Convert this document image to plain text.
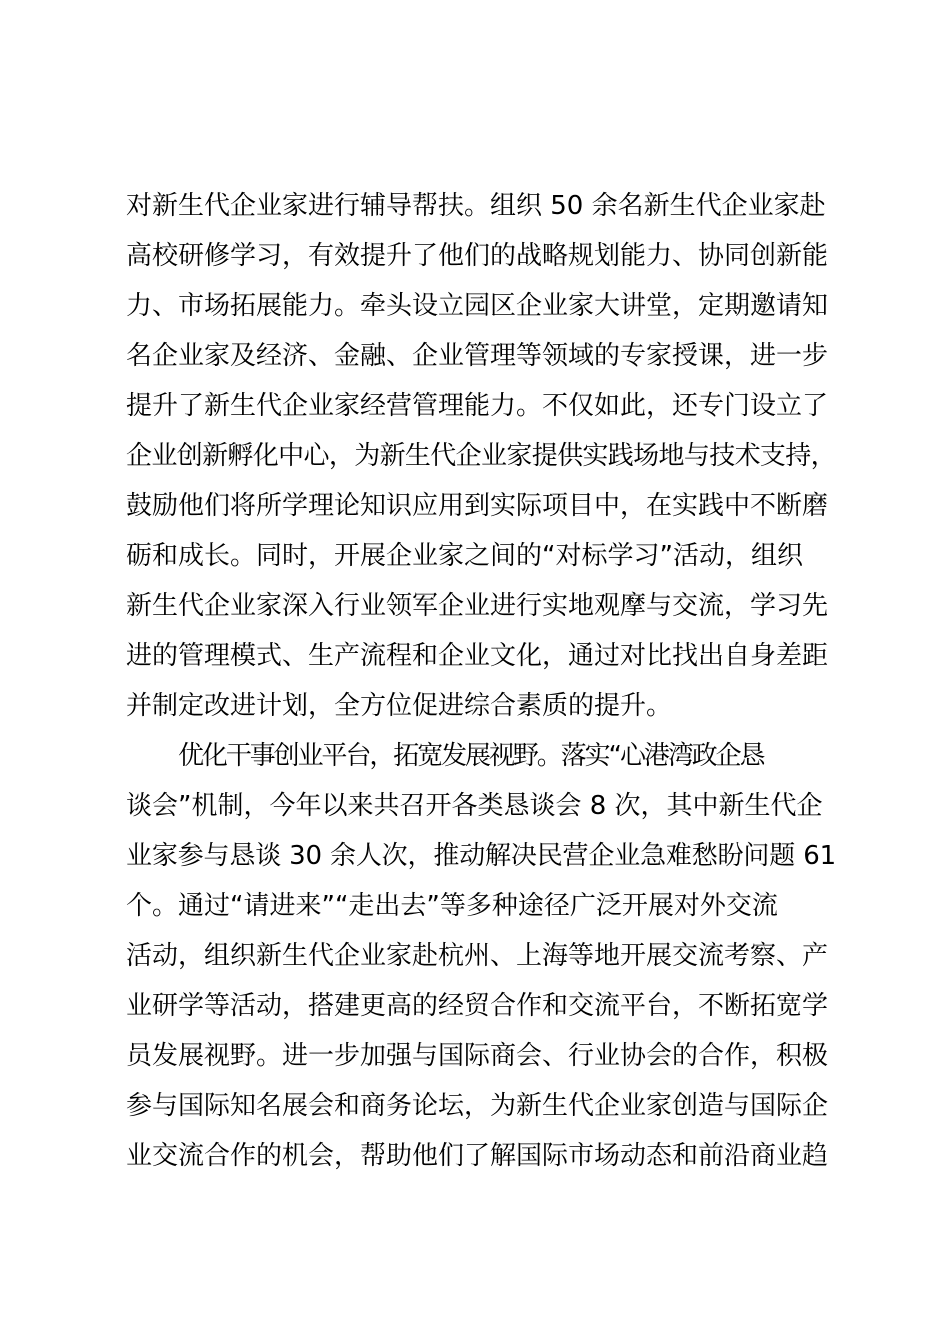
对新生代企业家进行辅导帮扶。组织 50 余名新生代企业家赴
高校研修学习，有效提升了他们的战略规划能力、协同创新能
力、市场拓展能力。牵头设立园区企业家大讲堂，定期邀请知
名企业家及经济、金融、企业管理等领域的专家授课，进一步
提升了新生代企业家经营管理能力。不仅如此，还专门设立了
企业创新孵化中心，为新生代企业家提供实践场地与技术支持，
鼓励他们将所学理论知识应用到实际项目中，在实践中不断磨
砺和成长。同时，开展企业家之间的“对标学习”活动，组织
新生代企业家深入行业领军企业进行实地观摩与交流，学习先
进的管理模式、生产流程和企业文化，通过对比找出自身差距
并制定改进计划，全方位促进综合素质的提升。
优化干事创业平台，拓宽发展视野。落实“心港湾政企恳
谈会”机制，今年以来共召开各类恳谈会 8 次，其中新生代企
业家参与恳谈 30 余人次，推动解决民营企业急难愁盼问题 61
个。通过“请进来”“走出去”等多种途径广泛开展对外交流
活动，组织新生代企业家赴杭州、上海等地开展交流考察、产
业研学等活动，搭建更高的经贸合作和交流平台，不断拓宽学
员发展视野。进一步加强与国际商会、行业协会的合作，积极
参与国际知名展会和商务论坛，为新生代企业家创造与国际企
业交流合作的机会，帮助他们了解国际市场动态和前沿商业趋
